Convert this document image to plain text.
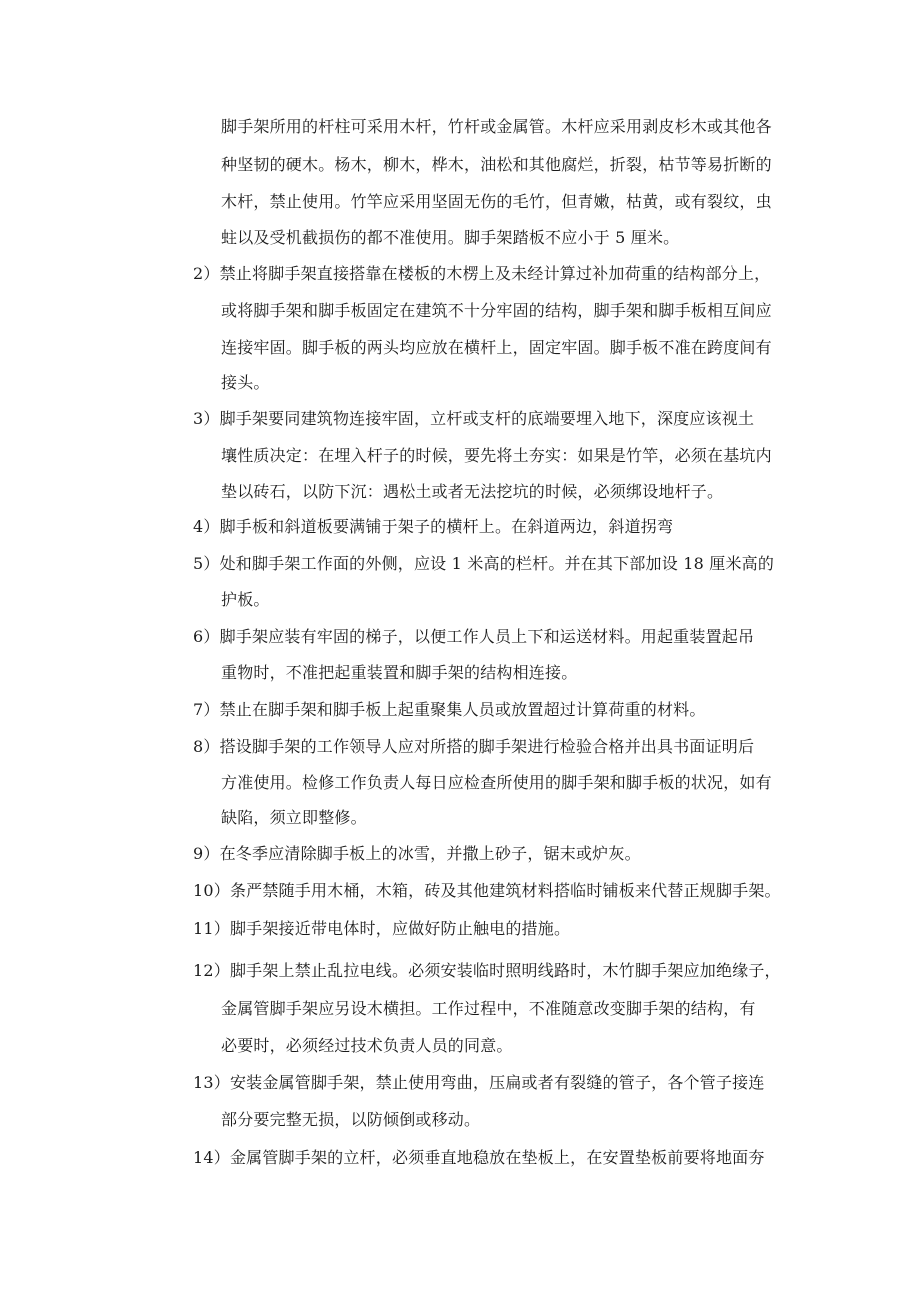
脚手架所用的杆柱可采用木杆，竹杆或金属管。木杆应采用剥皮杉木或其他各
种坚韧的硬木。杨木，柳木，桦木，油松和其他腐烂，折裂，枯节等易折断的
木杆，禁止使用。竹竿应采用坚固无伤的毛竹，但青嫩，枯黄，或有裂纹，虫
蛀以及受机截损伤的都不准使用。脚手架踏板不应小于 5 厘米。
2）禁止将脚手架直接搭靠在楼板的木楞上及未经计算过补加荷重的结构部分上，
或将脚手架和脚手板固定在建筑不十分牢固的结构，脚手架和脚手板相互间应
连接牢固。脚手板的两头均应放在横杆上，固定牢固。脚手板不准在跨度间有
接头。
3）脚手架要同建筑物连接牢固，立杆或支杆的底端要埋入地下，深度应该视土
壤性质决定：在埋入杆子的时候，要先将土夯实：如果是竹竿，必须在基坑内
垫以砖石，以防下沉：遇松土或者无法挖坑的时候，必须绑设地杆子。
4）脚手板和斜道板要满铺于架子的横杆上。在斜道两边，斜道拐弯
5）处和脚手架工作面的外侧，应设 1 米高的栏杆。并在其下部加设 18 厘米高的
护板。
6）脚手架应装有牢固的梯子，以便工作人员上下和运送材料。用起重装置起吊
重物时，不准把起重装置和脚手架的结构相连接。
7）禁止在脚手架和脚手板上起重聚集人员或放置超过计算荷重的材料。
8）搭设脚手架的工作领导人应对所搭的脚手架进行检验合格并出具书面证明后
方准使用。检修工作负责人每日应检查所使用的脚手架和脚手板的状况，如有
缺陷，须立即整修。
9）在冬季应清除脚手板上的冰雪，并撒上砂子，锯末或炉灰。
10）条严禁随手用木桶，木箱，砖及其他建筑材料搭临时铺板来代替正规脚手架。
11）脚手架接近带电体时，应做好防止触电的措施。
12）脚手架上禁止乱拉电线。必须安装临时照明线路时，木竹脚手架应加绝缘子，
金属管脚手架应另设木横担。工作过程中，不准随意改变脚手架的结构，有
必要时，必须经过技术负责人员的同意。
13）安装金属管脚手架，禁止使用弯曲，压扁或者有裂缝的管子，各个管子接连
部分要完整无损，以防倾倒或移动。
14）金属管脚手架的立杆，必须垂直地稳放在垫板上，在安置垫板前要将地面夯
